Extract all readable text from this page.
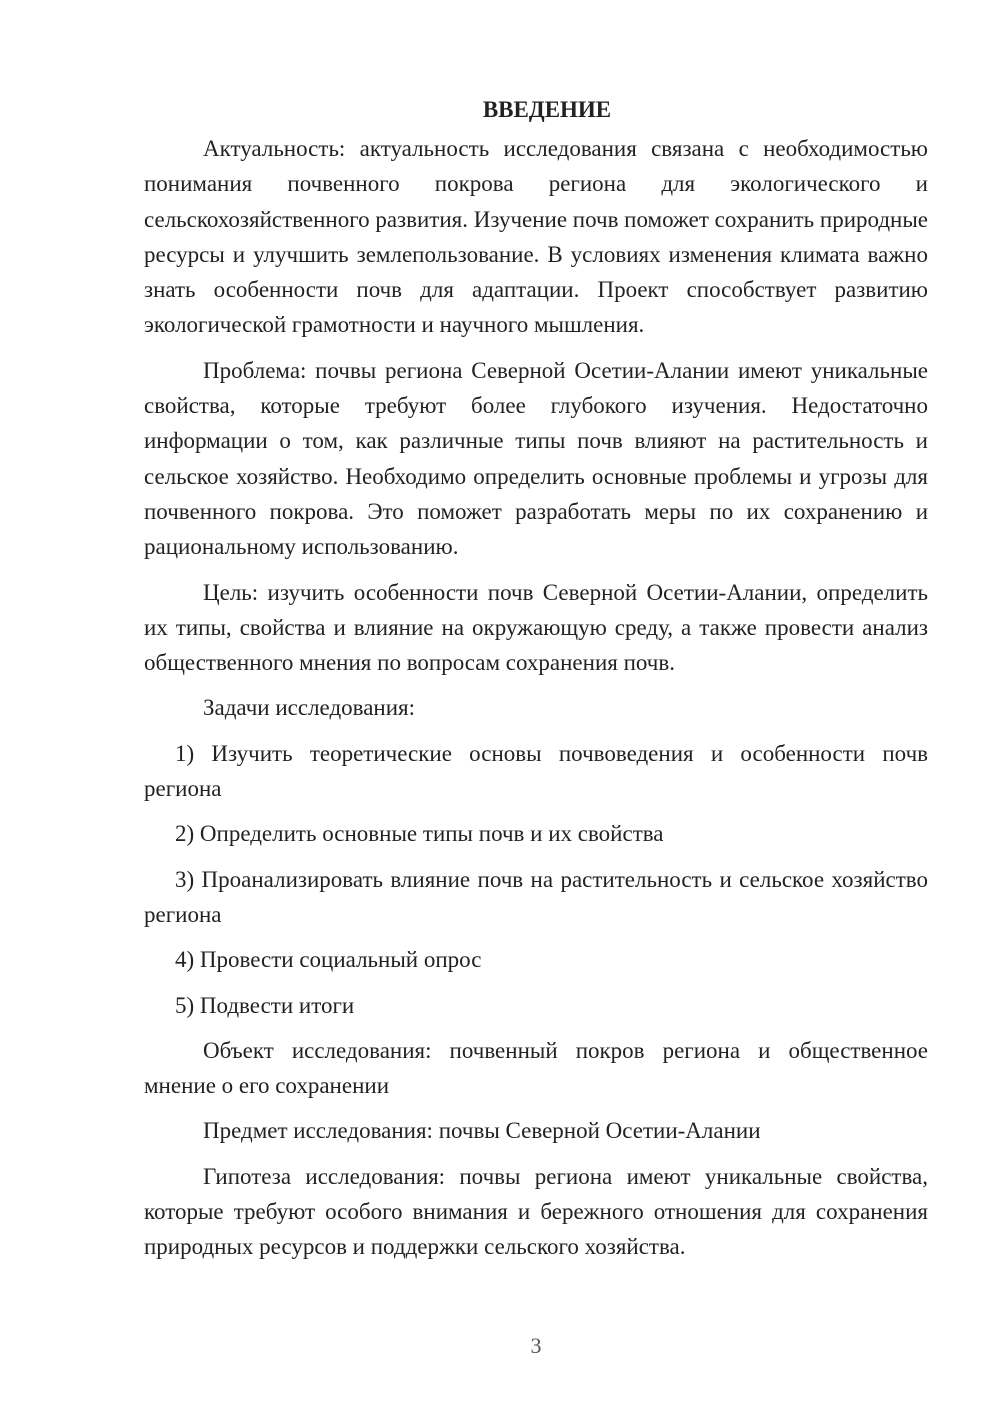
ВВЕДЕНИЕ

Актуальность: актуальность исследования связана с необходимостью понимания почвенного покрова региона для экологического и сельскохозяйственного развития. Изучение почв поможет сохранить природные ресурсы и улучшить землепользование. В условиях изменения климата важно знать особенности почв для адаптации. Проект способствует развитию экологической грамотности и научного мышления.

Проблема: почвы региона Северной Осетии-Алании имеют уникальные свойства, которые требуют более глубокого изучения. Недостаточно информации о том, как различные типы почв влияют на растительность и сельское хозяйство. Необходимо определить основные проблемы и угрозы для почвенного покрова. Это поможет разработать меры по их сохранению и рациональному использованию.

Цель: изучить особенности почв Северной Осетии-Алании, определить их типы, свойства и влияние на окружающую среду, а также провести анализ общественного мнения по вопросам сохранения почв.

Задачи исследования:

1) Изучить теоретические основы почвоведения и особенности почв региона

2) Определить основные типы почв и их свойства

3) Проанализировать влияние почв на растительность и сельское хозяйство региона

4) Провести социальный опрос

5) Подвести итоги

Объект исследования: почвенный покров региона и общественное мнение о его сохранении

Предмет исследования: почвы Северной Осетии-Алании

Гипотеза исследования: почвы региона имеют уникальные свойства, которые требуют особого внимания и бережного отношения для сохранения природных ресурсов и поддержки сельского хозяйства.

3
